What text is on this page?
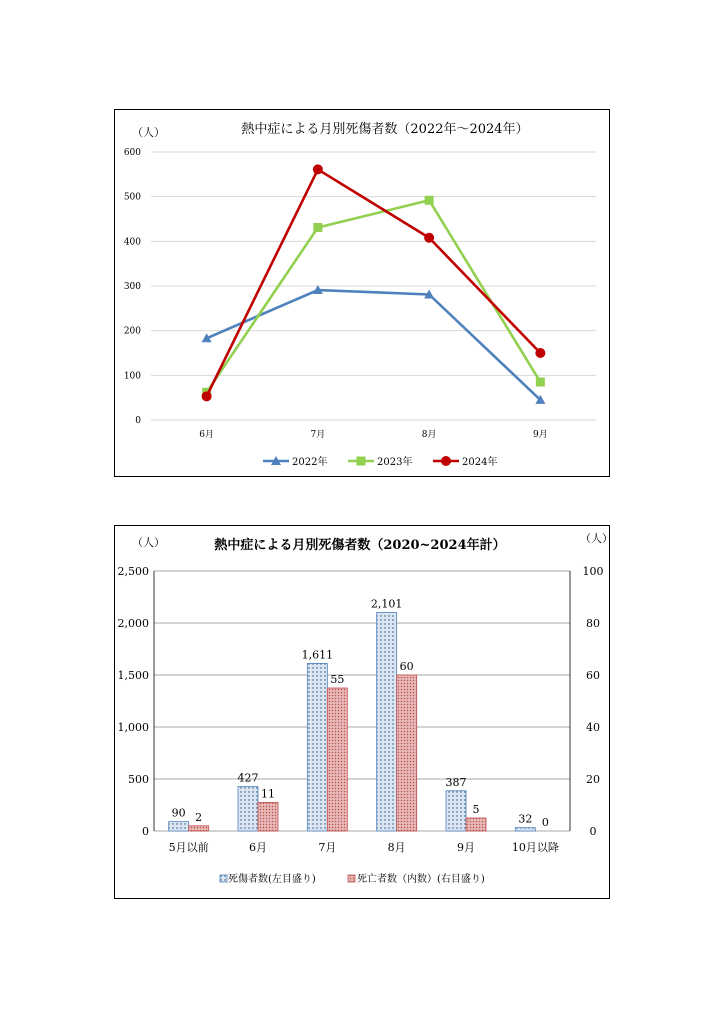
熱中症による月別死傷者数（2022年～2024年）
（人）
0
100
200
300
400
500
600
6月	7月	8月	9月
2022年	2023年	2024年
熱中症による月別死傷者数（2020~2024年計）
（人）	（人）
0
500
1,000
1,500
2,000
2,500
0
20
40
60
80
100
90 2
427
11
1,611
55
2,101
60
387
5
32 0
5月以前	6月	7月	8月	9月	10月以降
死傷者数(左目盛り)	死亡者数（内数）(右目盛り)
